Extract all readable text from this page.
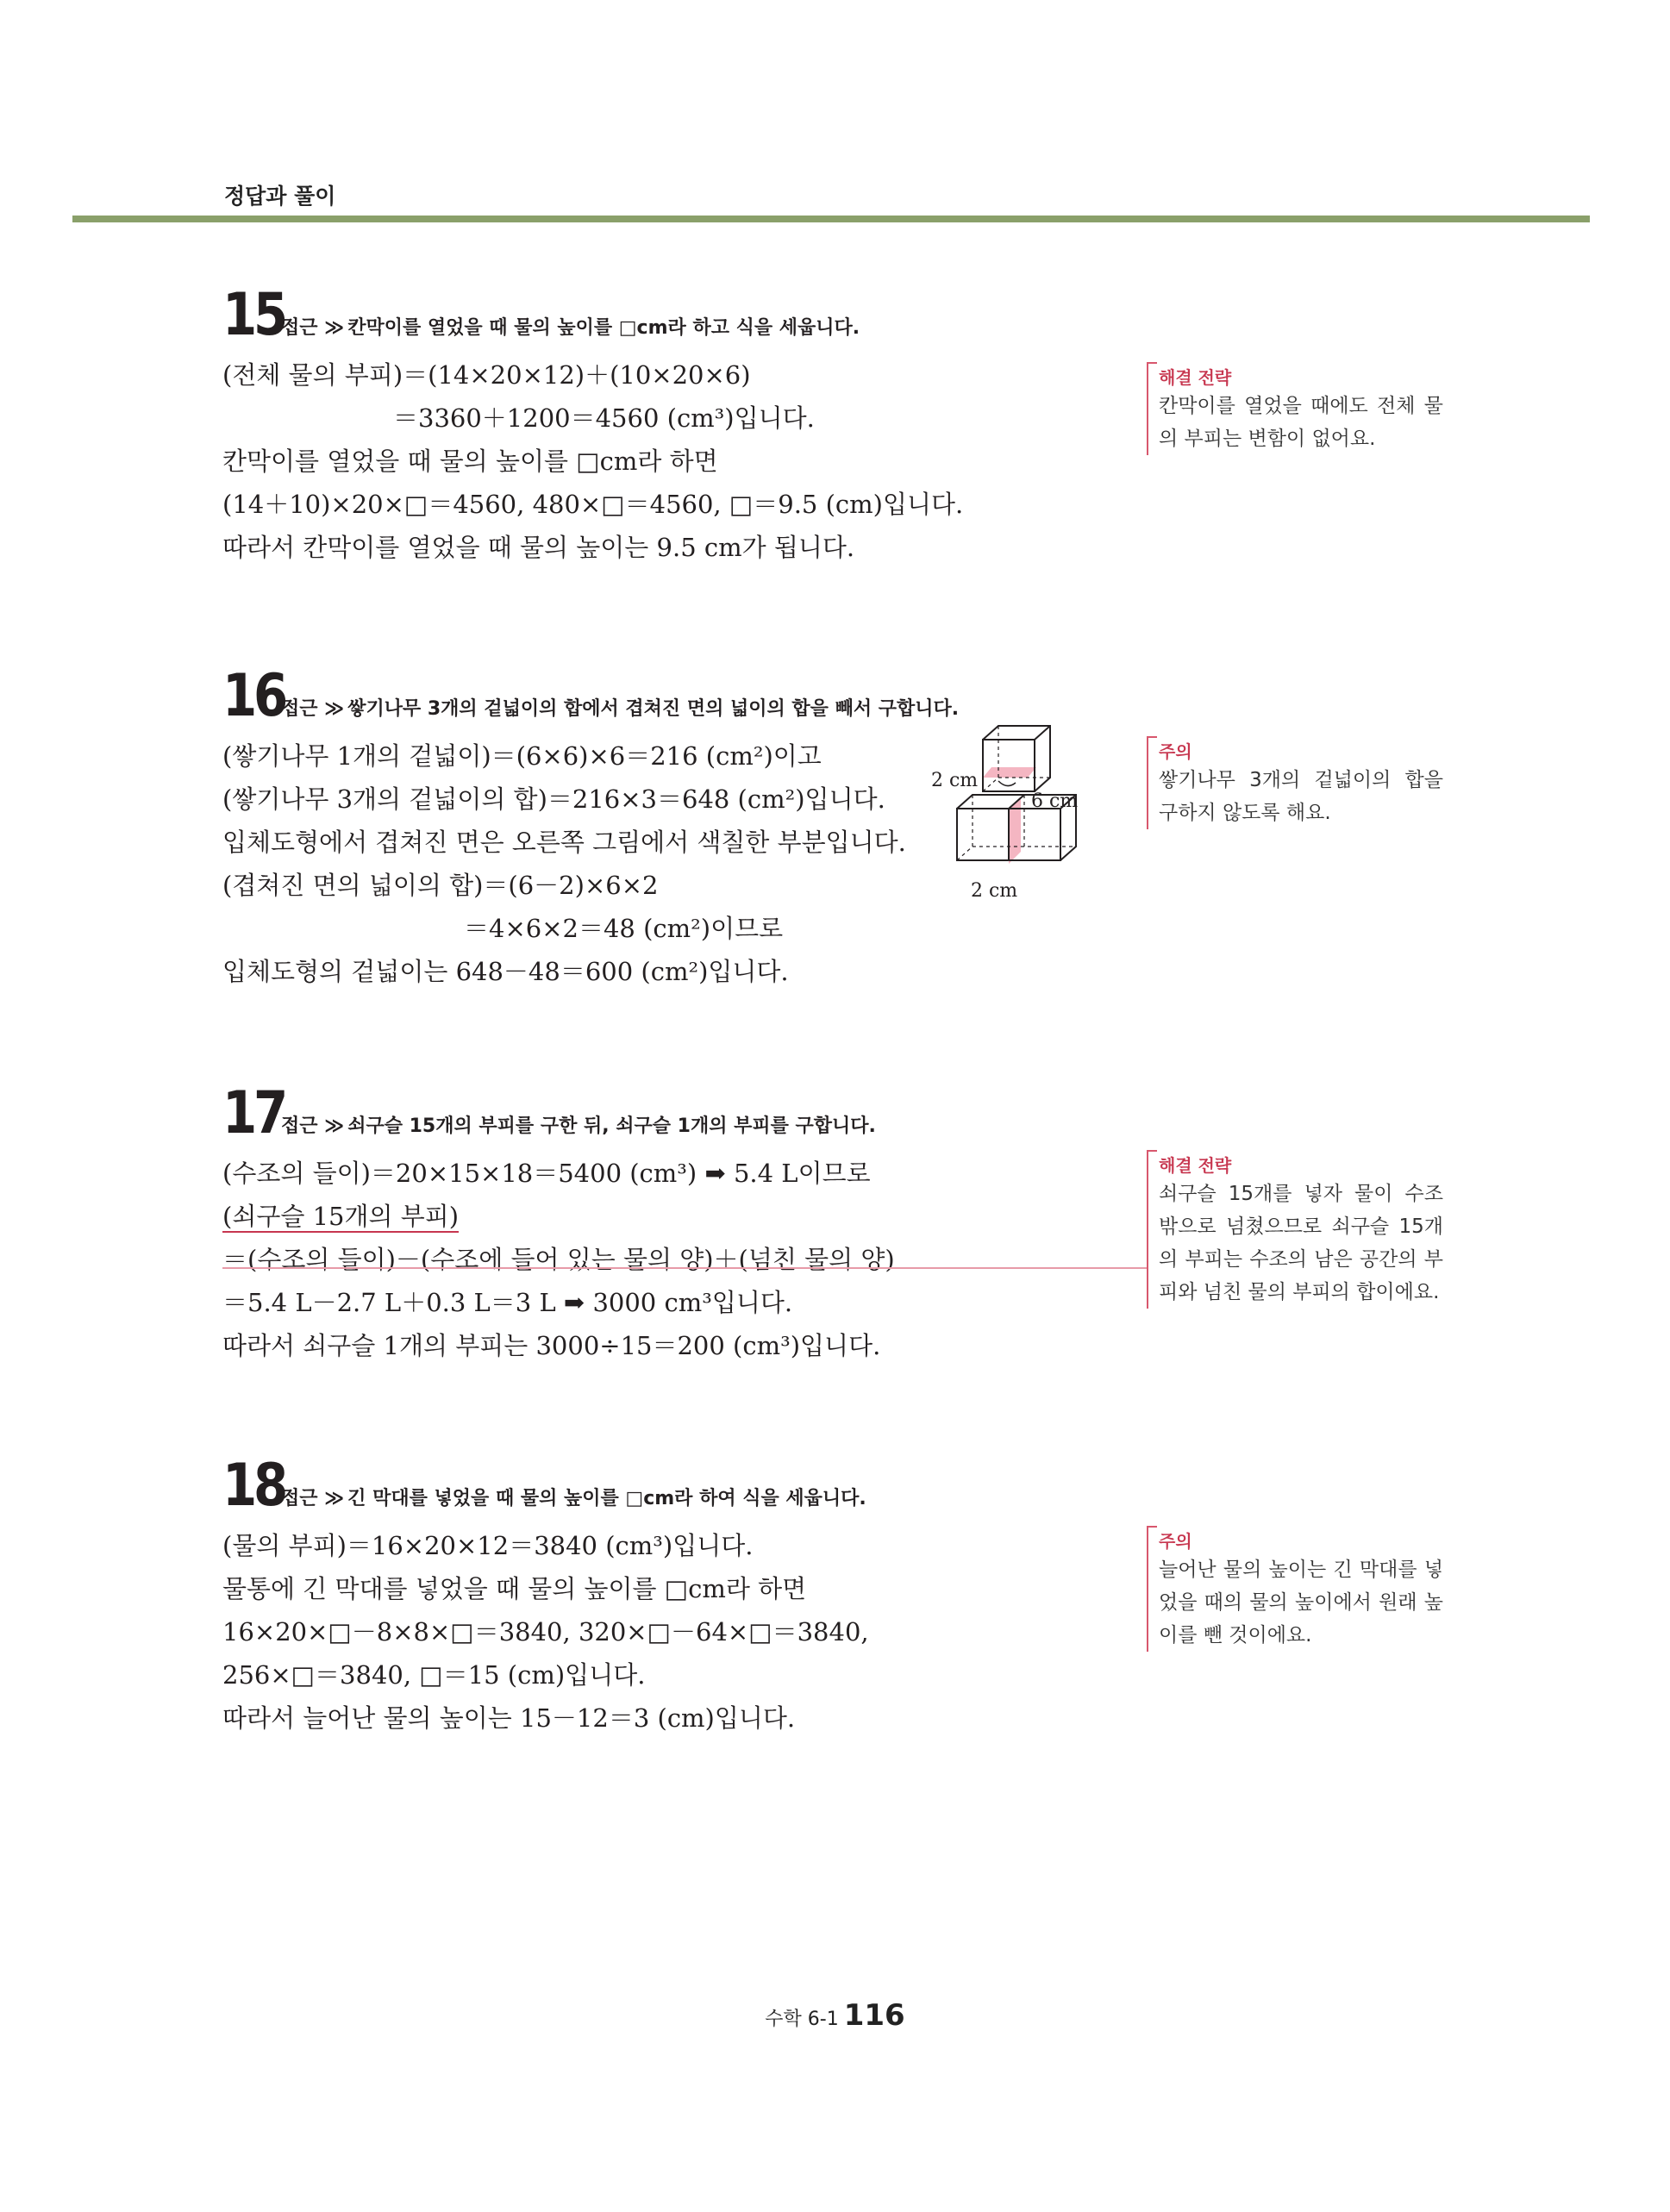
정답과 풀이
15
접근 ≫ 칸막이를 열었을 때 물의 높이를 □cm라 하고 식을 세웁니다.
(전체 물의 부피)＝(14×20×12)＋(10×20×6)
＝3360＋1200＝4560 (cm³)입니다.
칸막이를 열었을 때 물의 높이를 □cm라 하면
(14＋10)×20×□＝4560, 480×□＝4560, □＝9.5 (cm)입니다.
따라서 칸막이를 열었을 때 물의 높이는 9.5 cm가 됩니다.
16
접근 ≫ 쌓기나무 3개의 겉넓이의 합에서 겹쳐진 면의 넓이의 합을 빼서 구합니다.
(쌓기나무 1개의 겉넓이)＝(6×6)×6＝216 (cm²)이고
(쌓기나무 3개의 겉넓이의 합)＝216×3＝648 (cm²)입니다.
입체도형에서 겹쳐진 면은 오른쪽 그림에서 색칠한 부분입니다.
(겹쳐진 면의 넓이의 합)＝(6－2)×6×2
＝4×6×2＝48 (cm²)이므로
입체도형의 겉넓이는 648－48＝600 (cm²)입니다.
2 cm
6 cm
2 cm
17
접근 ≫ 쇠구슬 15개의 부피를 구한 뒤, 쇠구슬 1개의 부피를 구합니다.
(수조의 들이)＝20×15×18＝5400 (cm³) ➡ 5.4 L이므로
(쇠구슬 15개의 부피)
＝(수조의 들이)－(수조에 들어 있는 물의 양)＋(넘친 물의 양)
＝5.4 L－2.7 L＋0.3 L＝3 L ➡ 3000 cm³입니다.
따라서 쇠구슬 1개의 부피는 3000÷15＝200 (cm³)입니다.
18
접근 ≫ 긴 막대를 넣었을 때 물의 높이를 □cm라 하여 식을 세웁니다.
(물의 부피)＝16×20×12＝3840 (cm³)입니다.
물통에 긴 막대를 넣었을 때 물의 높이를 □cm라 하면
16×20×□－8×8×□＝3840, 320×□－64×□＝3840,
256×□＝3840, □＝15 (cm)입니다.
따라서 늘어난 물의 높이는 15－12＝3 (cm)입니다.
해결 전략
칸막이를 열었을 때에도 전체 물의 부피는 변함이 없어요.
주의
쌓기나무 3개의 겉넓이의 합을 구하지 않도록 해요.
해결 전략
쇠구슬 15개를 넣자 물이 수조 밖으로 넘쳤으므로 쇠구슬 15개의 부피는 수조의 남은 공간의 부피와 넘친 물의 부피의 합이에요.
주의
늘어난 물의 높이는 긴 막대를 넣었을 때의 물의 높이에서 원래 높이를 뺀 것이에요.
수학 6-1 116
